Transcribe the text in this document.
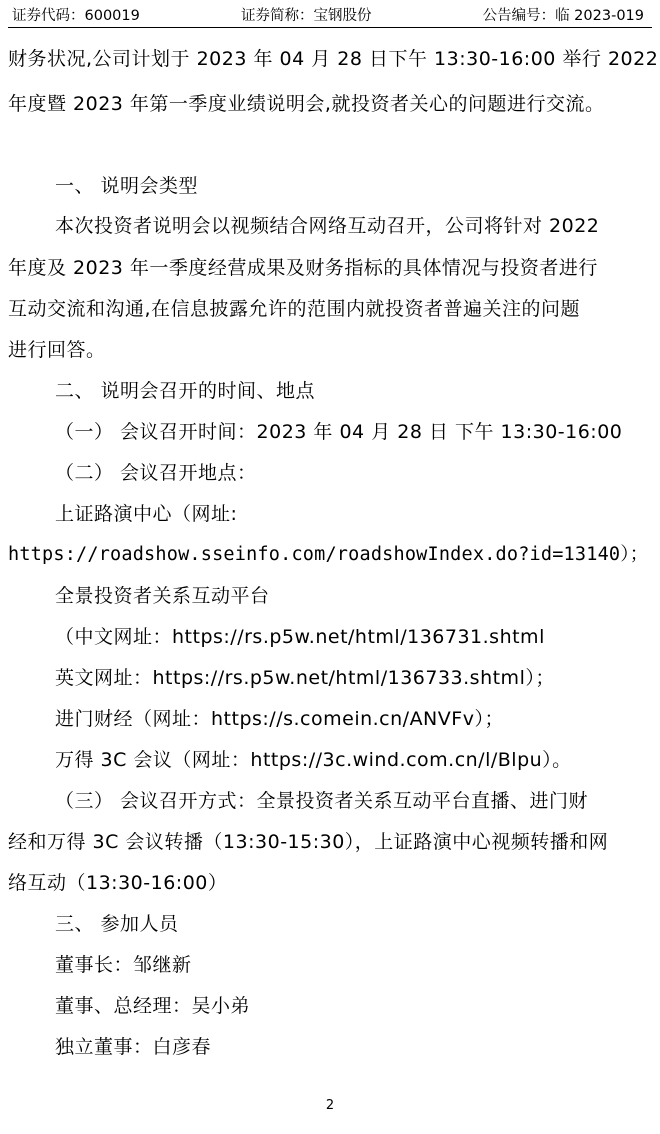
证券代码：600019	证券简称：宝钢股份	公告编号：临 2023-019
财务状况,公司计划于 2023 年 04 月 28 日下午 13:30-16:00 举行 2022
年度暨 2023 年第一季度业绩说明会,就投资者关心的问题进行交流。
一、 说明会类型
本次投资者说明会以视频结合网络互动召开，公司将针对 2022
年度及 2023 年一季度经营成果及财务指标的具体情况与投资者进行
互动交流和沟通,在信息披露允许的范围内就投资者普遍关注的问题
进行回答。
二、 说明会召开的时间、地点
（一） 会议召开时间：2023 年 04 月 28 日 下午 13:30-16:00
（二） 会议召开地点：
上证路演中心（网址:
https://roadshow.sseinfo.com/roadshowIndex.do?id=13140）；
全景投资者关系互动平台
（中文网址：https://rs.p5w.net/html/136731.shtml
英文网址：https://rs.p5w.net/html/136733.shtml）；
进门财经（网址：https://s.comein.cn/ANVFv）；
万得 3C 会议（网址：https://3c.wind.com.cn/l/Blpu）。
（三） 会议召开方式：全景投资者关系互动平台直播、进门财
经和万得 3C 会议转播（13:30-15:30），上证路演中心视频转播和网
络互动（13:30-16:00）
三、 参加人员
董事长：邹继新
董事、总经理：吴小弟
独立董事：白彦春
2
